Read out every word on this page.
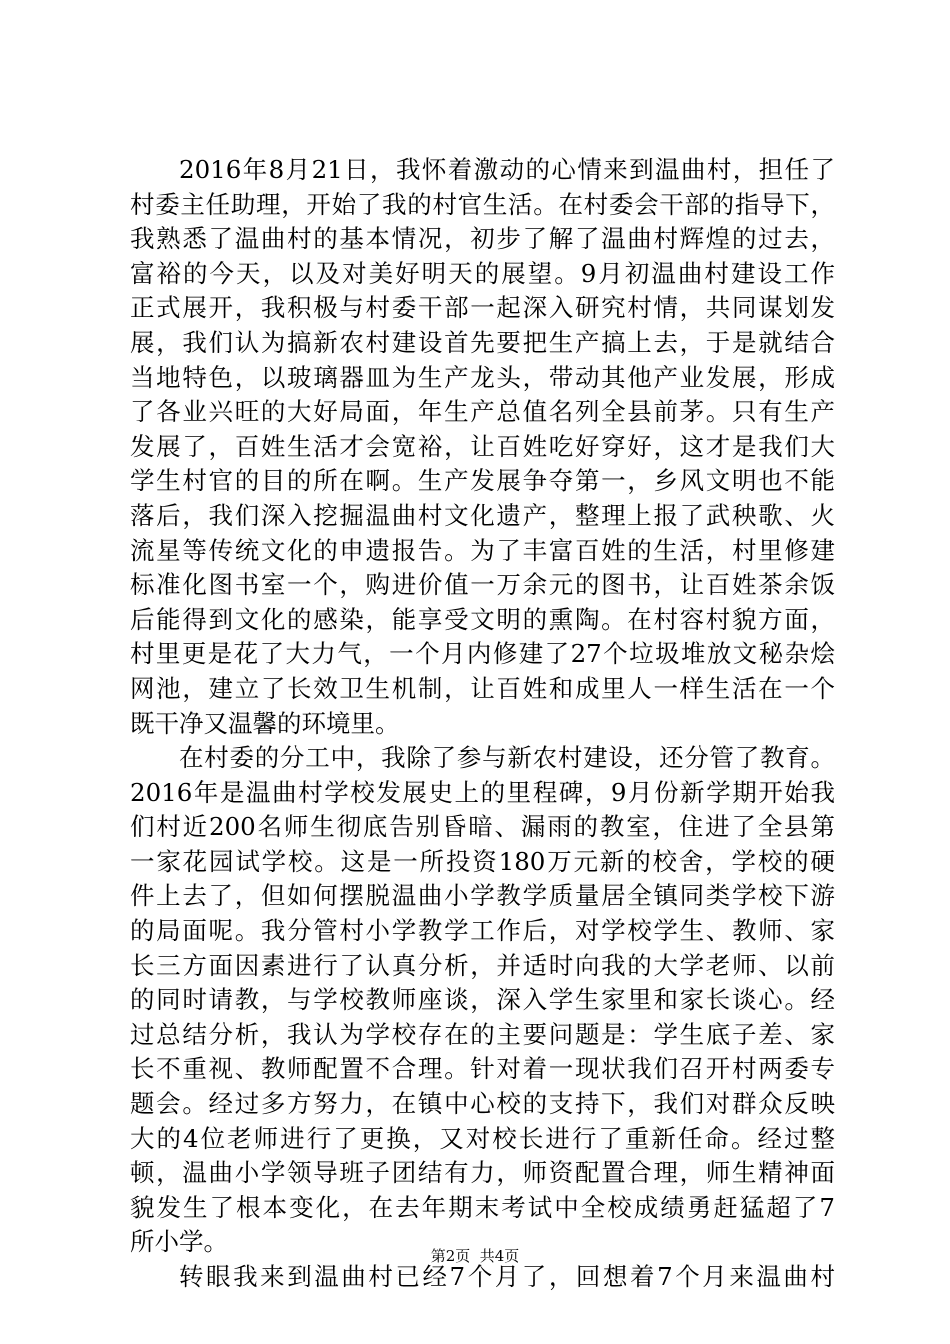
2016年8月21日，我怀着激动的心情来到温曲村，担任了
村委主任助理，开始了我的村官生活。在村委会干部的指导下，
我熟悉了温曲村的基本情况，初步了解了温曲村辉煌的过去，
富裕的今天，以及对美好明天的展望。9月初温曲村建设工作
正式展开，我积极与村委干部一起深入研究村情，共同谋划发
展，我们认为搞新农村建设首先要把生产搞上去，于是就结合
当地特色，以玻璃器皿为生产龙头，带动其他产业发展，形成
了各业兴旺的大好局面，年生产总值名列全县前茅。只有生产
发展了，百姓生活才会宽裕，让百姓吃好穿好，这才是我们大
学生村官的目的所在啊。生产发展争夺第一，乡风文明也不能
落后，我们深入挖掘温曲村文化遗产，整理上报了武秧歌、火
流星等传统文化的申遗报告。为了丰富百姓的生活，村里修建
标准化图书室一个，购进价值一万余元的图书，让百姓茶余饭
后能得到文化的感染，能享受文明的熏陶。在村容村貌方面，
村里更是花了大力气，一个月内修建了27个垃圾堆放文秘杂烩
网池，建立了长效卫生机制，让百姓和成里人一样生活在一个
既干净又温馨的环境里。
在村委的分工中，我除了参与新农村建设，还分管了教育。
2016年是温曲村学校发展史上的里程碑，9月份新学期开始我
们村近200名师生彻底告别昏暗、漏雨的教室，住进了全县第
一家花园试学校。这是一所投资180万元新的校舍，学校的硬
件上去了，但如何摆脱温曲小学教学质量居全镇同类学校下游
的局面呢。我分管村小学教学工作后，对学校学生、教师、家
长三方面因素进行了认真分析，并适时向我的大学老师、以前
的同时请教，与学校教师座谈，深入学生家里和家长谈心。经
过总结分析，我认为学校存在的主要问题是：学生底子差、家
长不重视、教师配置不合理。针对着一现状我们召开村两委专
题会。经过多方努力，在镇中心校的支持下，我们对群众反映
大的4位老师进行了更换，又对校长进行了重新任命。经过整
顿，温曲小学领导班子团结有力，师资配置合理，师生精神面
貌发生了根本变化，在去年期末考试中全校成绩勇赶猛超了7
所小学。
转眼我来到温曲村已经7个月了，回想着7个月来温曲村
第2页  共4页
